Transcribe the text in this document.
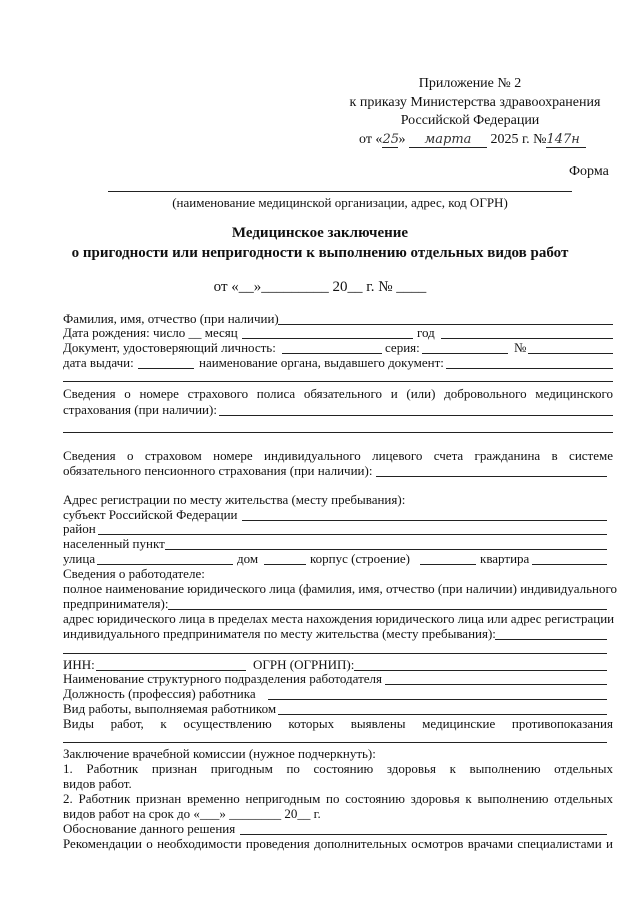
Приложение № 2
к приказу Министерства здравоохранения
Российской Федерации
от «25» марта 2025 г. №147н
Форма
(наименование медицинской организации, адрес, код ОГРН)
Медицинское заключение
о пригодности или непригодности к выполнению отдельных видов работ
от «__»_________ 20__ г. № ____
Фамилия, имя, отчество (при наличии)
Дата рождения: число __ месяц	год
Документ, удостоверяющий личность:	серия:	№
дата выдачи:	наименование органа, выдавшего документ:
Сведения о номере страхового полиса обязательного и (или) добровольного медицинского
страхования (при наличии):
Сведения о страховом номере индивидуального лицевого счета гражданина в системе
обязательного пенсионного страхования (при наличии):
Адрес регистрации по месту жительства (месту пребывания):
субъект Российской Федерации
район
населенный пункт
улица	дом	корпус (строение)	квартира
Сведения о работодателе:
полное наименование юридического лица (фамилия, имя, отчество (при наличии) индивидуального
предпринимателя):
адрес юридического лица в пределах места нахождения юридического лица или адрес регистрации
индивидуального предпринимателя по месту жительства (месту пребывания):
ИНН:	ОГРН (ОГРНИП):
Наименование структурного подразделения работодателя
Должность (профессия) работника
Вид работы, выполняемая работником
Виды работ, к осуществлению которых выявлены медицинские противопоказания
Заключение врачебной комиссии (нужное подчеркнуть):
1. Работник признан пригодным по состоянию здоровья к выполнению отдельных
видов работ.
2. Работник признан временно непригодным по состоянию здоровья к выполнению отдельных
видов работ на срок до «___» ________ 20__ г.
Обоснование данного решения
Рекомендации о необходимости проведения дополнительных осмотров врачами специалистами и
